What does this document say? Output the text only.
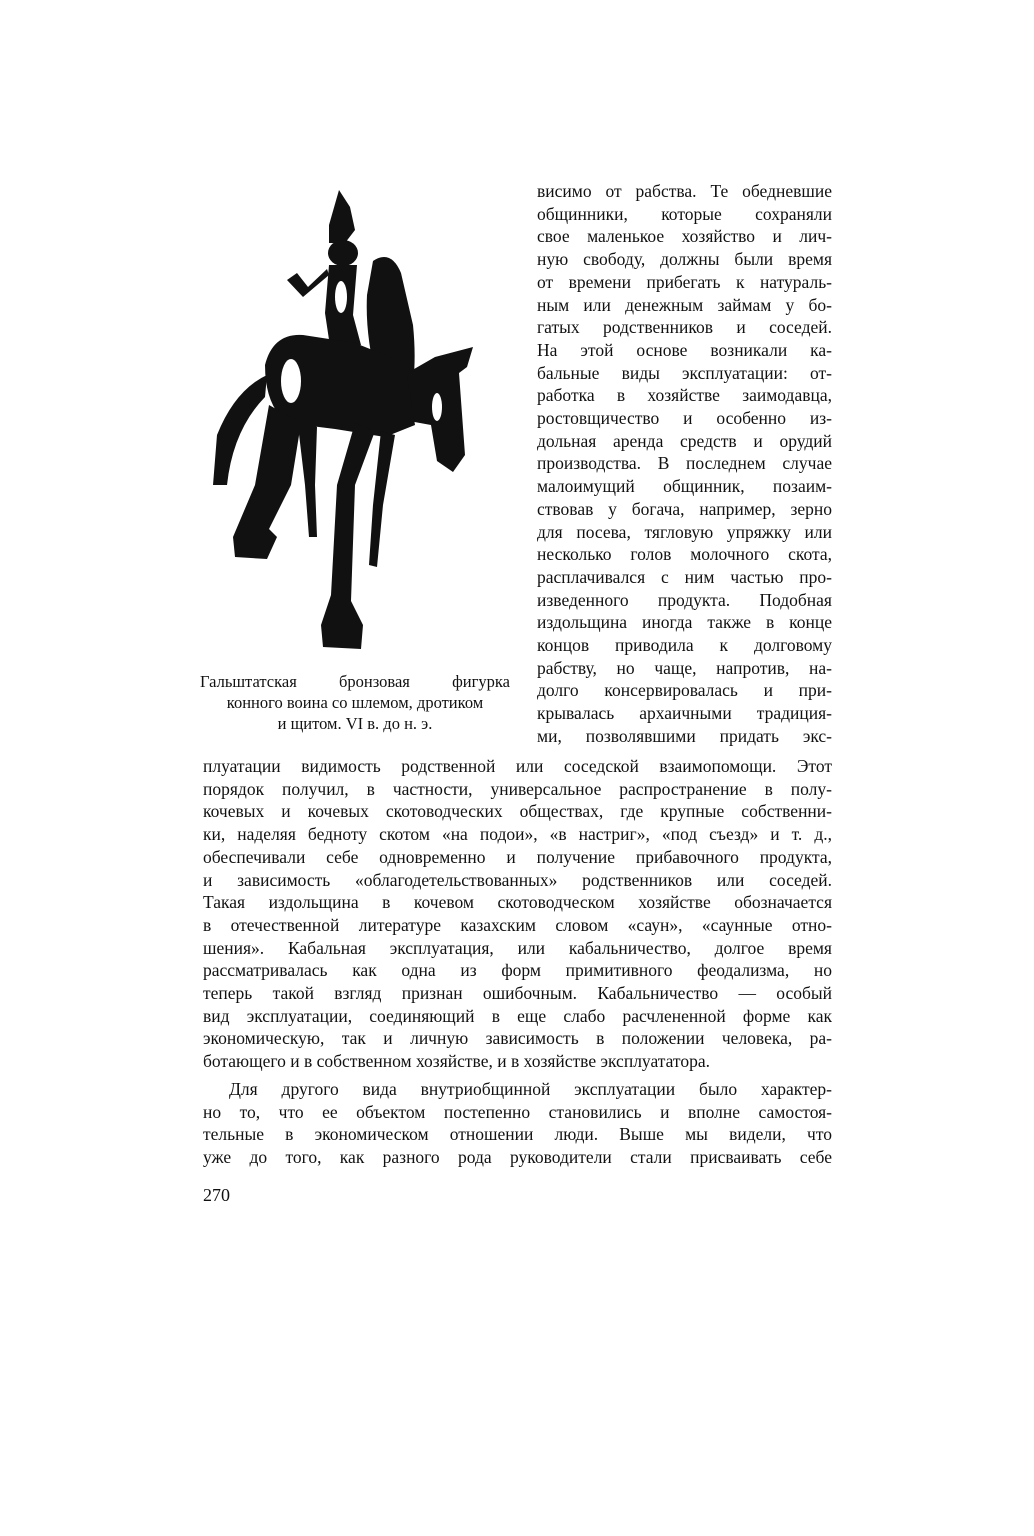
Гальштатская бронзовая фигурка
конного воина со шлемом, дротиком
и щитом. VI в. до н. э.
висимо от рабства. Те обедневшие
общинники, которые сохраняли
свое маленькое хозяйство и лич-
ную свободу, должны были время
от времени прибегать к натураль-
ным или денежным займам у бо-
гатых родственников и соседей.
На этой основе возникали ка-
бальные виды эксплуатации: от-
работка в хозяйстве заимодавца,
ростовщичество и особенно из-
дольная аренда средств и орудий
производства. В последнем случае
малоимущий общинник, позаим-
ствовав у богача, например, зерно
для посева, тягловую упряжку или
несколько голов молочного скота,
расплачивался с ним частью про-
изведенного продукта. Подобная
издольщина иногда также в конце
концов приводила к долговому
рабству, но чаще, напротив, на-
долго консервировалась и при-
крывалась архаичными традиция-
ми, позволявшими придать экс-
плуатации видимость родственной или соседской взаимопомощи. Этот
порядок получил, в частности, универсальное распространение в полу-
кочевых и кочевых скотоводческих обществах, где крупные собственни-
ки, наделяя бедноту скотом «на подои», «в настриг», «под съезд» и т. д.,
обеспечивали себе одновременно и получение прибавочного продукта,
и зависимость «облагодетельствованных» родственников или соседей.
Такая издольщина в кочевом скотоводческом хозяйстве обозначается
в отечественной литературе казахским словом «саун», «саунные отно-
шения». Кабальная эксплуатация, или кабальничество, долгое время
рассматривалась как одна из форм примитивного феодализма, но
теперь такой взгляд признан ошибочным. Кабальничество — особый
вид эксплуатации, соединяющий в еще слабо расчлененной форме как
экономическую, так и личную зависимость в положении человека, ра-
ботающего и в собственном хозяйстве, и в хозяйстве эксплуататора.
Для другого вида внутриобщинной эксплуатации было характер-
но то, что ее объектом постепенно становились и вполне самостоя-
тельные в экономическом отношении люди. Выше мы видели, что
уже до того, как разного рода руководители стали присваивать себе
270
